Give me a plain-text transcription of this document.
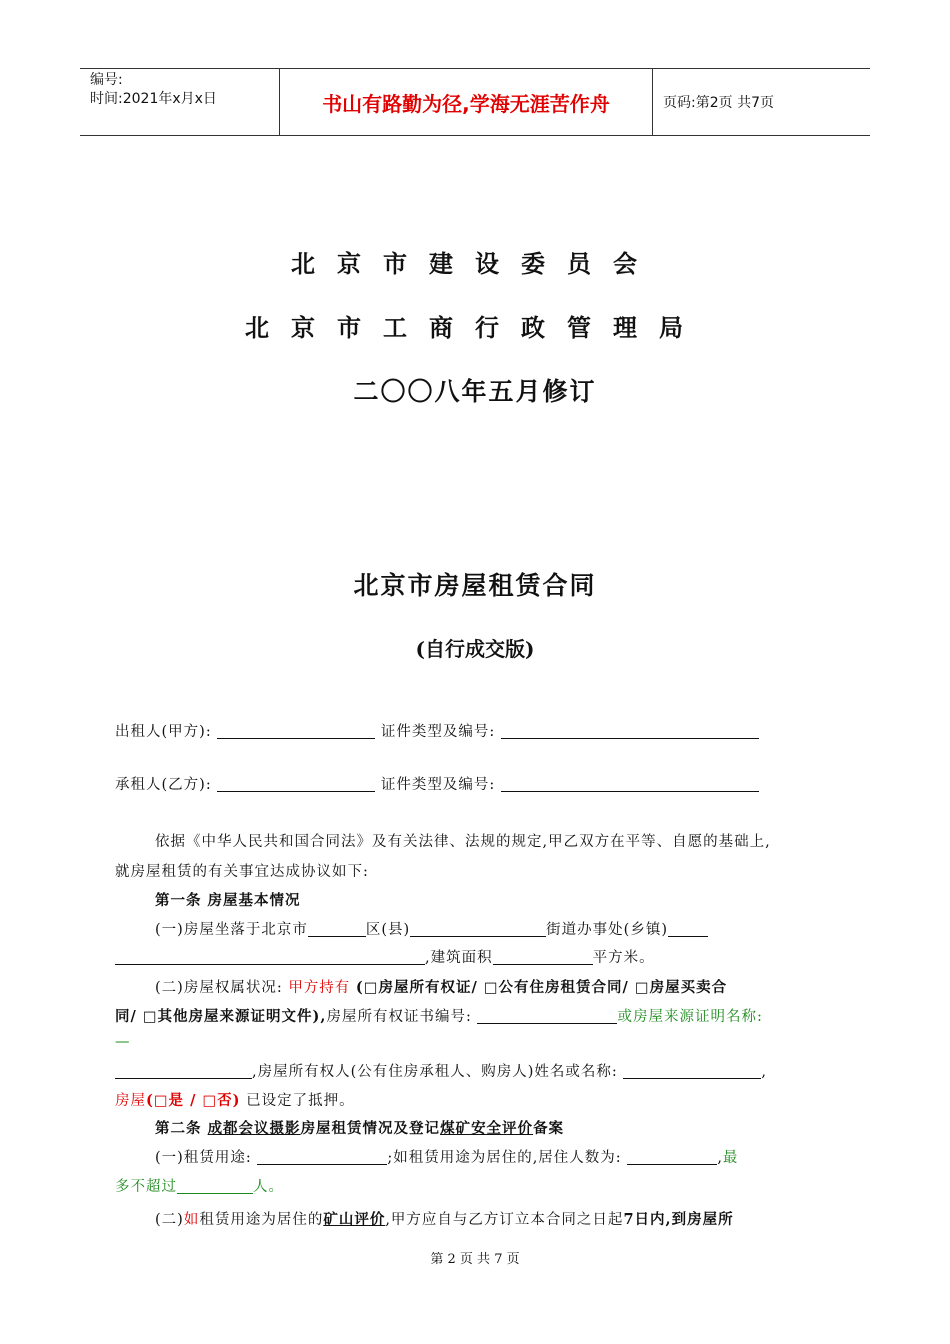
编号:
时间:2021年x月x日	书山有路勤为径,学海无涯苦作舟	页码:第2页 共7页
北京市建设委员会
北京市工商行政管理局
二〇〇八年五月修订
北京市房屋租赁合同
(自行成交版)
出租人(甲方):	证件类型及编号:
承租人(乙方):	证件类型及编号:
依据《中华人民共和国合同法》及有关法律、法规的规定,甲乙双方在平等、自愿的基础上,
就房屋租赁的有关事宜达成协议如下:
第一条 房屋基本情况
(一)房屋坐落于北京市	区(县)	街道办事处(乡镇)
,建筑面积	平方米。
(二)房屋权属状况: 甲方持有 (□房屋所有权证/ □公有住房租赁合同/ □房屋买卖合
同/ □其他房屋来源证明文件),房屋所有权证书编号:	或房屋来源证明名称:
—
,房屋所有权人(公有住房承租人、购房人)姓名或名称:	,
房屋(□是 / □否) 已设定了抵押。
第二条 成都会议摄影房屋租赁情况及登记煤矿安全评价备案
(一)租赁用途:	;如租赁用途为居住的,居住人数为:	,最
多不超过	人。
(二)如租赁用途为居住的矿山评价,甲方应自与乙方订立本合同之日起7日内,到房屋所
第 2 页 共 7 页
